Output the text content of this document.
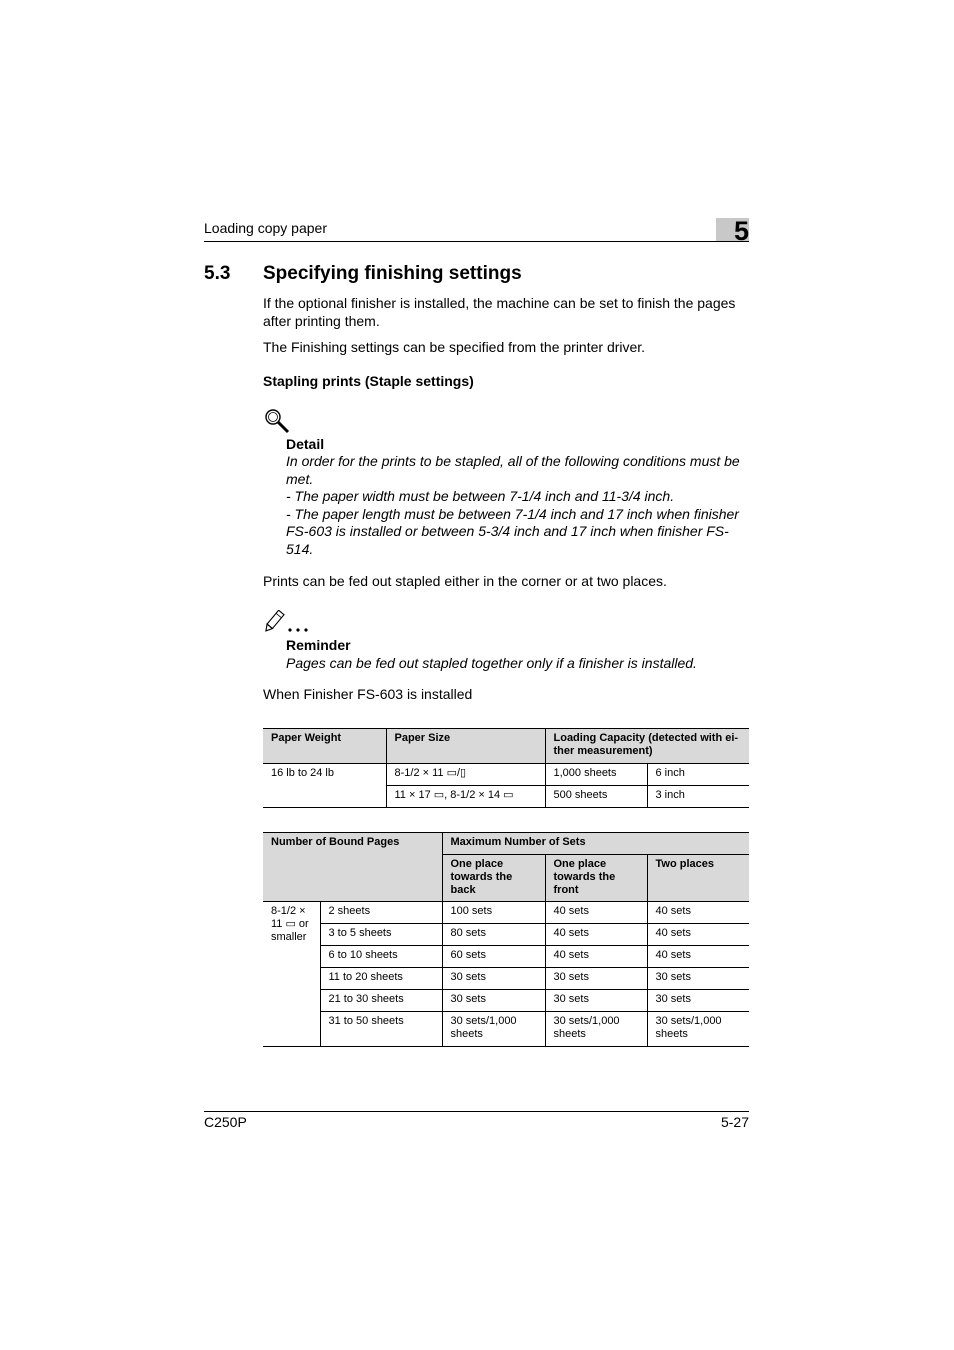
Loading copy paper	5
5.3 Specifying finishing settings
If the optional finisher is installed, the machine can be set to finish the pages after printing them.
The Finishing settings can be specified from the printer driver.
Stapling prints (Staple settings)
Detail
In order for the prints to be stapled, all of the following conditions must be met.
- The paper width must be between 7-1/4 inch and 11-3/4 inch.
- The paper length must be between 7-1/4 inch and 17 inch when finisher FS-603 is installed or between 5-3/4 inch and 17 inch when finisher FS-514.
Prints can be fed out stapled either in the corner or at two places.
Reminder
Pages can be fed out stapled together only if a finisher is installed.
When Finisher FS-603 is installed
Paper Weight	Paper Size	Loading Capacity (detected with ei-ther measurement)	
16 lb to 24 lb	8-1/2 × 11 ▭/▯	1,000 sheets	6 inch
	11 × 17 ▭, 8-1/2 × 14 ▭	500 sheets	3 inch
Number of Bound Pages		Maximum Number of Sets		
		One place towards the back	One place towards the front	Two places
8-1/2 × 11 ▭ or smaller	2 sheets	100 sets	40 sets	40 sets
	3 to 5 sheets	80 sets	40 sets	40 sets
	6 to 10 sheets	60 sets	40 sets	40 sets
	11 to 20 sheets	30 sets	30 sets	30 sets
	21 to 30 sheets	30 sets	30 sets	30 sets
	31 to 50 sheets	30 sets/1,000 sheets	30 sets/1,000 sheets	30 sets/1,000 sheets
C250P	5-27
